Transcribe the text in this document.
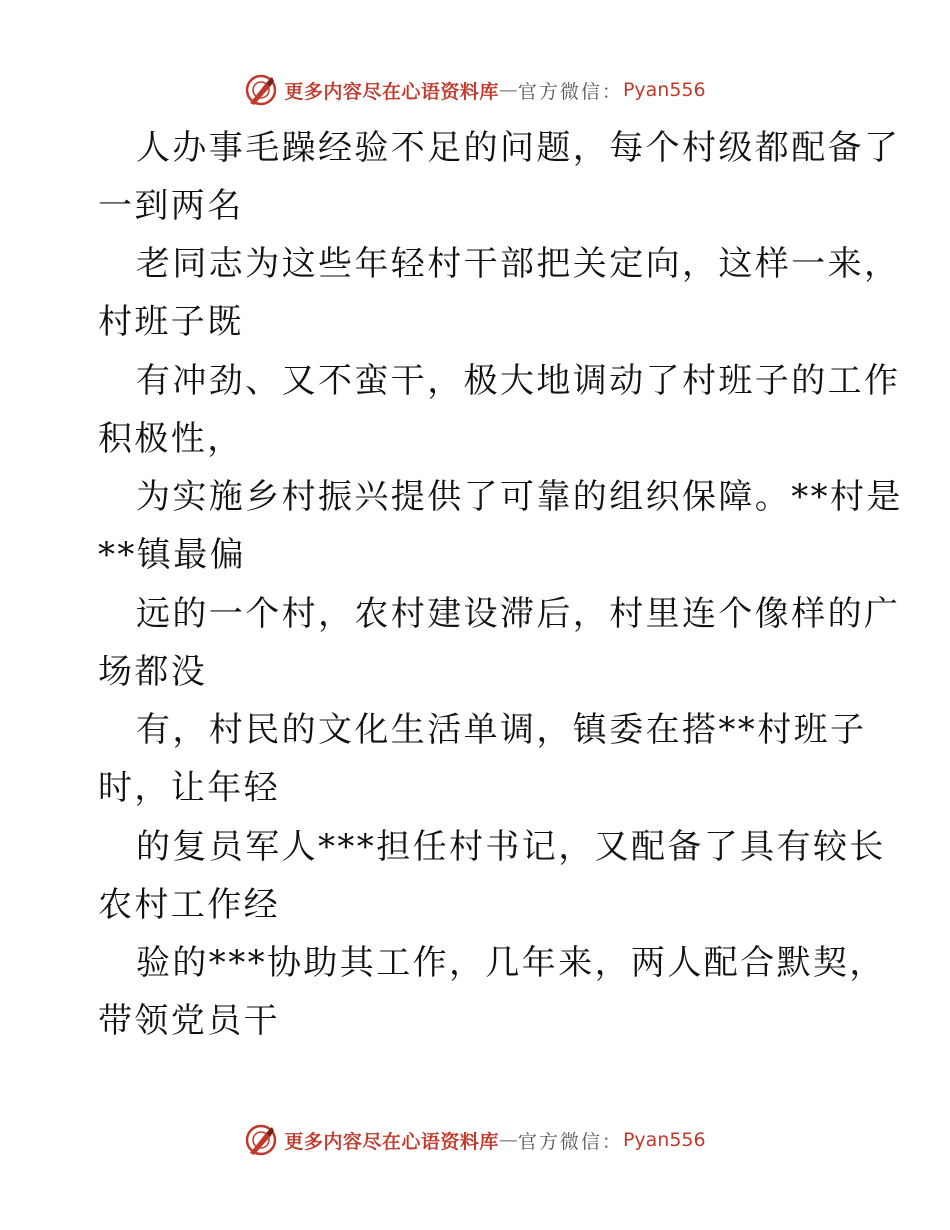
更多内容尽在心语资料库 — 官方微信： Pyan556
人办事毛躁经验不足的问题，每个村级都配备了
一到两名
老同志为这些年轻村干部把关定向，这样一来，
村班子既
有冲劲、又不蛮干，极大地调动了村班子的工作
积极性，
为实施乡村振兴提供了可靠的组织保障。**村是
**镇最偏
远的一个村，农村建设滞后，村里连个像样的广
场都没
有，村民的文化生活单调，镇委在搭**村班子
时，让年轻
的复员军人***担任村书记，又配备了具有较长
农村工作经
验的***协助其工作，几年来，两人配合默契，
带领党员干
更多内容尽在心语资料库 — 官方微信： Pyan556
